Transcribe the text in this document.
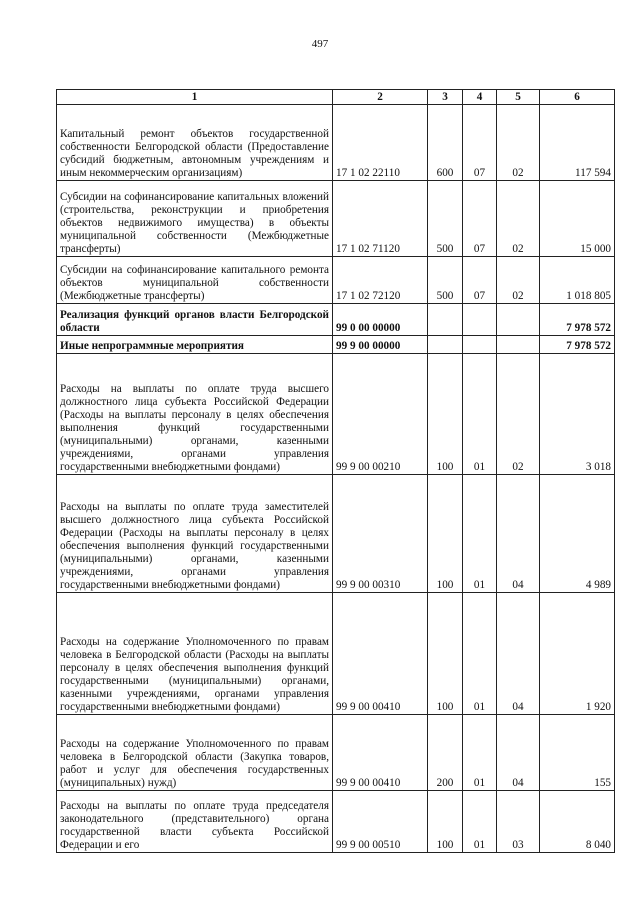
497
1	2	3	4	5	6
Капитальный ремонт объектов государственной собственности Белгородской области (Предоставление субсидий бюджетным, автономным учреждениям и иным некоммерческим организациям)	17 1 02 22110	600	07	02	117 594
Субсидии на софинансирование капитальных вложений (строительства, реконструкции и приобретения объектов недвижимого имущества) в объекты муниципальной собственности (Межбюджетные трансферты)	17 1 02 71120	500	07	02	15 000
Субсидии на софинансирование капитального ремонта объектов муниципальной собственности (Межбюджетные трансферты)	17 1 02 72120	500	07	02	1 018 805
Реализация функций органов власти Белгородской области	99 0 00 00000				7 978 572
Иные непрограммные мероприятия	99 9 00 00000				7 978 572
Расходы на выплаты по оплате труда высшего должностного лица субъекта Российской Федерации (Расходы на выплаты персоналу в целях обеспечения выполнения функций государственными (муниципальными) органами, казенными учреждениями, органами управления государственными внебюджетными фондами)	99 9 00 00210	100	01	02	3 018
Расходы на выплаты по оплате труда заместителей высшего должностного лица субъекта Российской Федерации (Расходы на выплаты персоналу в целях обеспечения выполнения функций государственными (муниципальными) органами, казенными учреждениями, органами управления государственными внебюджетными фондами)	99 9 00 00310	100	01	04	4 989
Расходы на содержание Уполномоченного по правам человека в Белгородской области (Расходы на выплаты персоналу в целях обеспечения выполнения функций государственными (муниципальными) органами, казенными учреждениями, органами управления государственными внебюджетными фондами)	99 9 00 00410	100	01	04	1 920
Расходы на содержание Уполномоченного по правам человека в Белгородской области (Закупка товаров, работ и услуг для обеспечения государственных (муниципальных) нужд)	99 9 00 00410	200	01	04	155
Расходы на выплаты по оплате труда председателя законодательного (представительного) органа государственной власти субъекта Российской Федерации и его	99 9 00 00510	100	01	03	8 040
